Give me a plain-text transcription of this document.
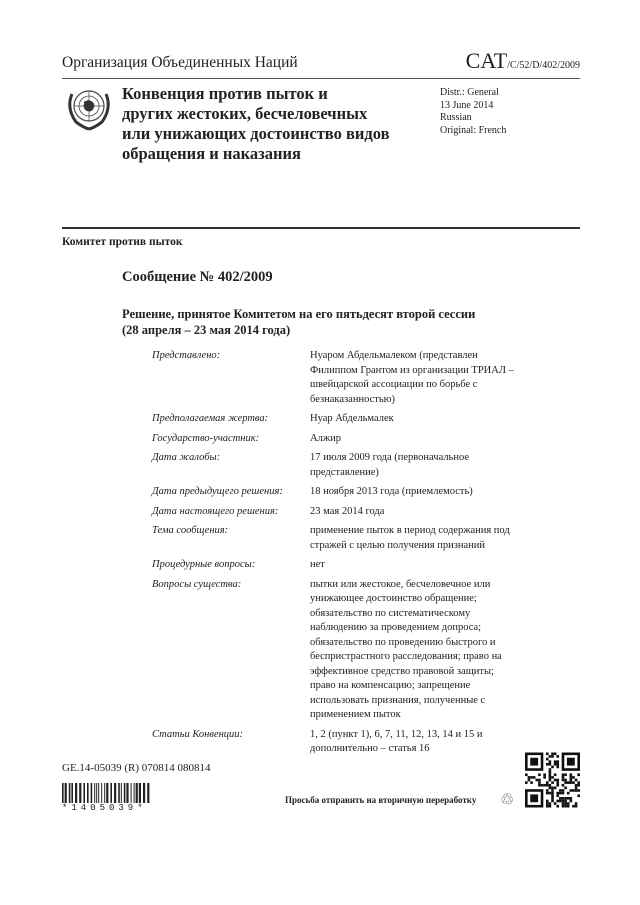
Организация Объединенных Наций	CAT/C/52/D/402/2009
Конвенция против пыток и
других жестоких, бесчеловечных
или унижающих достоинство видов
обращения и наказания
Distr.: General
13 June 2014
Russian
Original: French
Комитет против пыток
Сообщение № 402/2009
Решение, принятое Комитетом на его пятьдесят второй сессии
(28 апреля – 23 мая 2014 года)
Представлено:	Нуаром Абдельмалеком (представлен Филиппом Грантом из организации ТРИАЛ – швейцарской ассоциации по борьбе с безнаказанностью)
Предполагаемая жертва:	Нуар Абдельмалек
Государство-участник:	Алжир
Дата жалобы:	17 июля 2009 года (первоначальное представление)
Дата предыдущего решения:	18 ноября 2013 года (приемлемость)
Дата настоящего решения:	23 мая 2014 года
Тема сообщения:	применение пыток в период содержания под стражей с целью получения признаний
Процедурные вопросы:	нет
Вопросы существа:	пытки или жестокое, бесчеловечное или унижающее достоинство обращение; обязательство по систематическому наблюдению за проведением допроса; обязательство по проведению быстрого и беспристрастного расследования; право на эффективное средство правовой защиты; право на компенсацию; запрещение использовать признания, полученные с применением пыток
Статьи Конвенции:	1, 2 (пункт 1), 6, 7, 11, 12, 13, 14 и 15 и дополнительно – статья 16
GE.14-05039 (R) 070814 080814
*1405039*
Просьба отправить на вторичную переработку ♲
